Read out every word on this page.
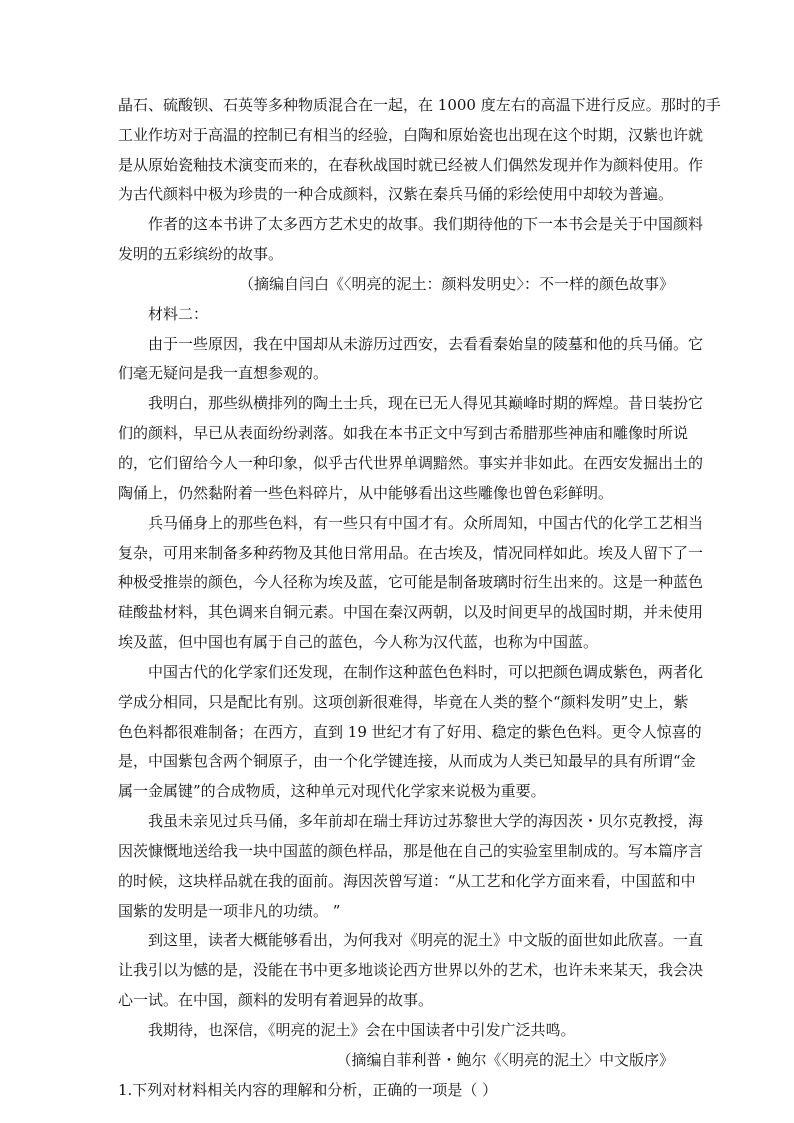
晶石、硫酸钡、石英等多种物质混合在一起，在 1000 度左右的高温下进行反应。那时的手
工业作坊对于高温的控制已有相当的经验，白陶和原始瓷也出现在这个时期，汉紫也许就
是从原始瓷釉技术演变而来的，在春秋战国时就已经被人们偶然发现并作为颜料使用。作
为古代颜料中极为珍贵的一种合成颜料，汉紫在秦兵马俑的彩绘使用中却较为普遍。
作者的这本书讲了太多西方艺术史的故事。我们期待他的下一本书会是关于中国颜料
发明的五彩缤纷的故事。
（摘编自闫白《〈明亮的泥土：颜料发明史〉：不一样的颜色故事》
材料二：
由于一些原因，我在中国却从未游历过西安，去看看秦始皇的陵墓和他的兵马俑。它
们毫无疑问是我一直想参观的。
我明白，那些纵横排列的陶土士兵，现在已无人得见其巅峰时期的辉煌。昔日装扮它
们的颜料，早已从表面纷纷剥落。如我在本书正文中写到古希腊那些神庙和雕像时所说
的，它们留给今人一种印象，似乎古代世界单调黯然。事实并非如此。在西安发掘出土的
陶俑上，仍然黏附着一些色料碎片，从中能够看出这些雕像也曾色彩鲜明。
兵马俑身上的那些色料，有一些只有中国才有。众所周知，中国古代的化学工艺相当
复杂，可用来制备多种药物及其他日常用品。在古埃及，情况同样如此。埃及人留下了一
种极受推崇的颜色，今人径称为埃及蓝，它可能是制备玻璃时衍生出来的。这是一种蓝色
硅酸盐材料，其色调来自铜元素。中国在秦汉两朝，以及时间更早的战国时期，并未使用
埃及蓝，但中国也有属于自己的蓝色，今人称为汉代蓝，也称为中国蓝。
中国古代的化学家们还发现，在制作这种蓝色色料时，可以把颜色调成紫色，两者化
学成分相同，只是配比有别。这项创新很难得，毕竟在人类的整个“颜料发明”史上，紫
色色料都很难制备；在西方，直到 19 世纪才有了好用、稳定的紫色色料。更令人惊喜的
是，中国紫包含两个铜原子，由一个化学键连接，从而成为人类已知最早的具有所谓“金
属一金属键”的合成物质，这种单元对现代化学家来说极为重要。
我虽未亲见过兵马俑，多年前却在瑞士拜访过苏黎世大学的海因茨・贝尔克教授，海
因茨慷慨地送给我一块中国蓝的颜色样品，那是他在自己的实验室里制成的。写本篇序言
的时候，这块样品就在我的面前。海因茨曾写道：“从工艺和化学方面来看，中国蓝和中
国紫的发明是一项非凡的功绩。 ”
到这里，读者大概能够看出，为何我对《明亮的泥土》中文版的面世如此欣喜。一直
让我引以为憾的是，没能在书中更多地谈论西方世界以外的艺术，也许未来某天，我会决
心一试。在中国，颜料的发明有着迥异的故事。
我期待，也深信，《明亮的泥土》会在中国读者中引发广泛共鸣。
（摘编自菲利普・鲍尔《〈明亮的泥土〉中文版序》
1.下列对材料相关内容的理解和分析，正确的一项是（ ）
